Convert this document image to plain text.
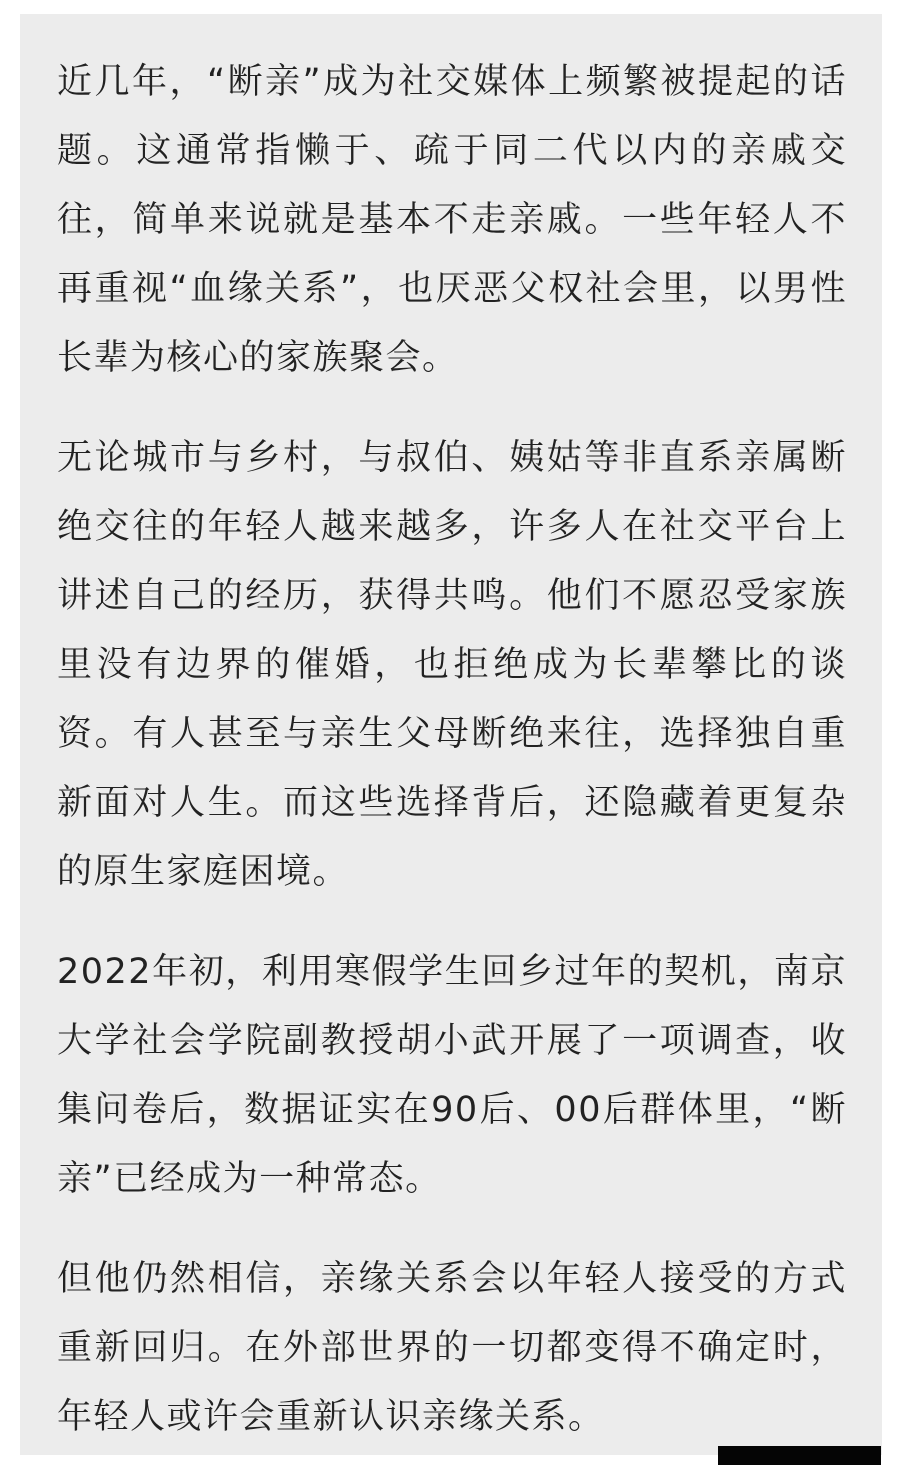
近几年，“断亲”成为社交媒体上频繁被提起的话题。这通常指懒于、疏于同二代以内的亲戚交往，简单来说就是基本不走亲戚。一些年轻人不再重视“血缘关系”，也厌恶父权社会里，以男性长辈为核心的家族聚会。

无论城市与乡村，与叔伯、姨姑等非直系亲属断绝交往的年轻人越来越多，许多人在社交平台上讲述自己的经历，获得共鸣。他们不愿忍受家族里没有边界的催婚，也拒绝成为长辈攀比的谈资。有人甚至与亲生父母断绝来往，选择独自重新面对人生。而这些选择背后，还隐藏着更复杂的原生家庭困境。

2022年初，利用寒假学生回乡过年的契机，南京大学社会学院副教授胡小武开展了一项调查，收集问卷后，数据证实在90后、00后群体里，“断亲”已经成为一种常态。

但他仍然相信，亲缘关系会以年轻人接受的方式重新回归。在外部世界的一切都变得不确定时，年轻人或许会重新认识亲缘关系。
